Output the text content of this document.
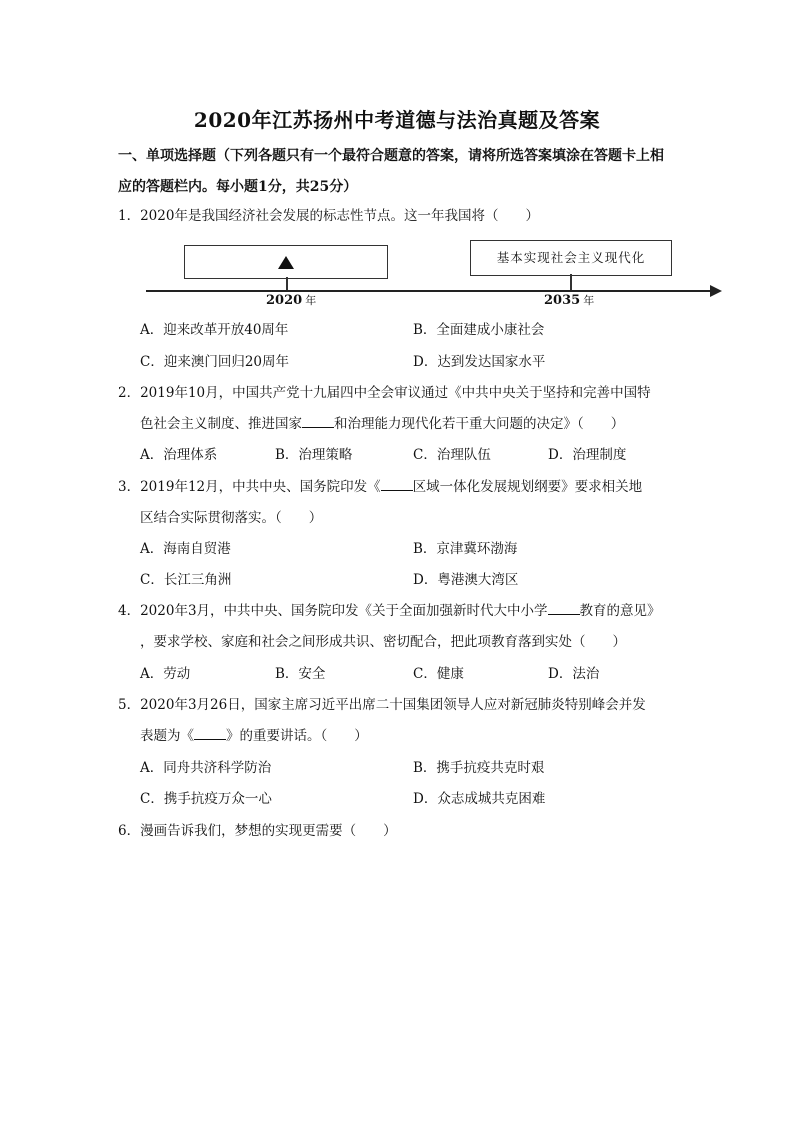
2020年江苏扬州中考道德与法治真题及答案
一、单项选择题（下列各题只有一个最符合题意的答案，请将所选答案填涂在答题卡上相
应的答题栏内。每小题1分，共25分）
1．2020年是我国经济社会发展的标志性节点。这一年我国将（　　）
基本实现社会主义现代化
2020 年	2035 年
A．迎来改革开放40周年	B．全面建成小康社会
C．迎来澳门回归20周年	D．达到发达国家水平
2．2019年10月，中国共产党十九届四中全会审议通过《中共中央关于坚持和完善中国特
色社会主义制度、推进国家 和治理能力现代化若干重大问题的决定》（　　）
A．治理体系	B．治理策略	C．治理队伍	D．治理制度
3．2019年12月，中共中央、国务院印发《 区域一体化发展规划纲要》要求相关地
区结合实际贯彻落实。（　　）
A．海南自贸港	B．京津冀环渤海
C．长江三角洲	D．粤港澳大湾区
4．2020年3月，中共中央、国务院印发《关于全面加强新时代大中小学 教育的意见》
，要求学校、家庭和社会之间形成共识、密切配合，把此项教育落到实处（　　）
A．劳动	B．安全	C．健康	D．法治
5．2020年3月26日，国家主席习近平出席二十国集团领导人应对新冠肺炎特别峰会并发
表题为《 》的重要讲话。（　　）
A．同舟共济科学防治	B．携手抗疫共克时艰
C．携手抗疫万众一心	D．众志成城共克困难
6．漫画告诉我们，梦想的实现更需要（　　）
